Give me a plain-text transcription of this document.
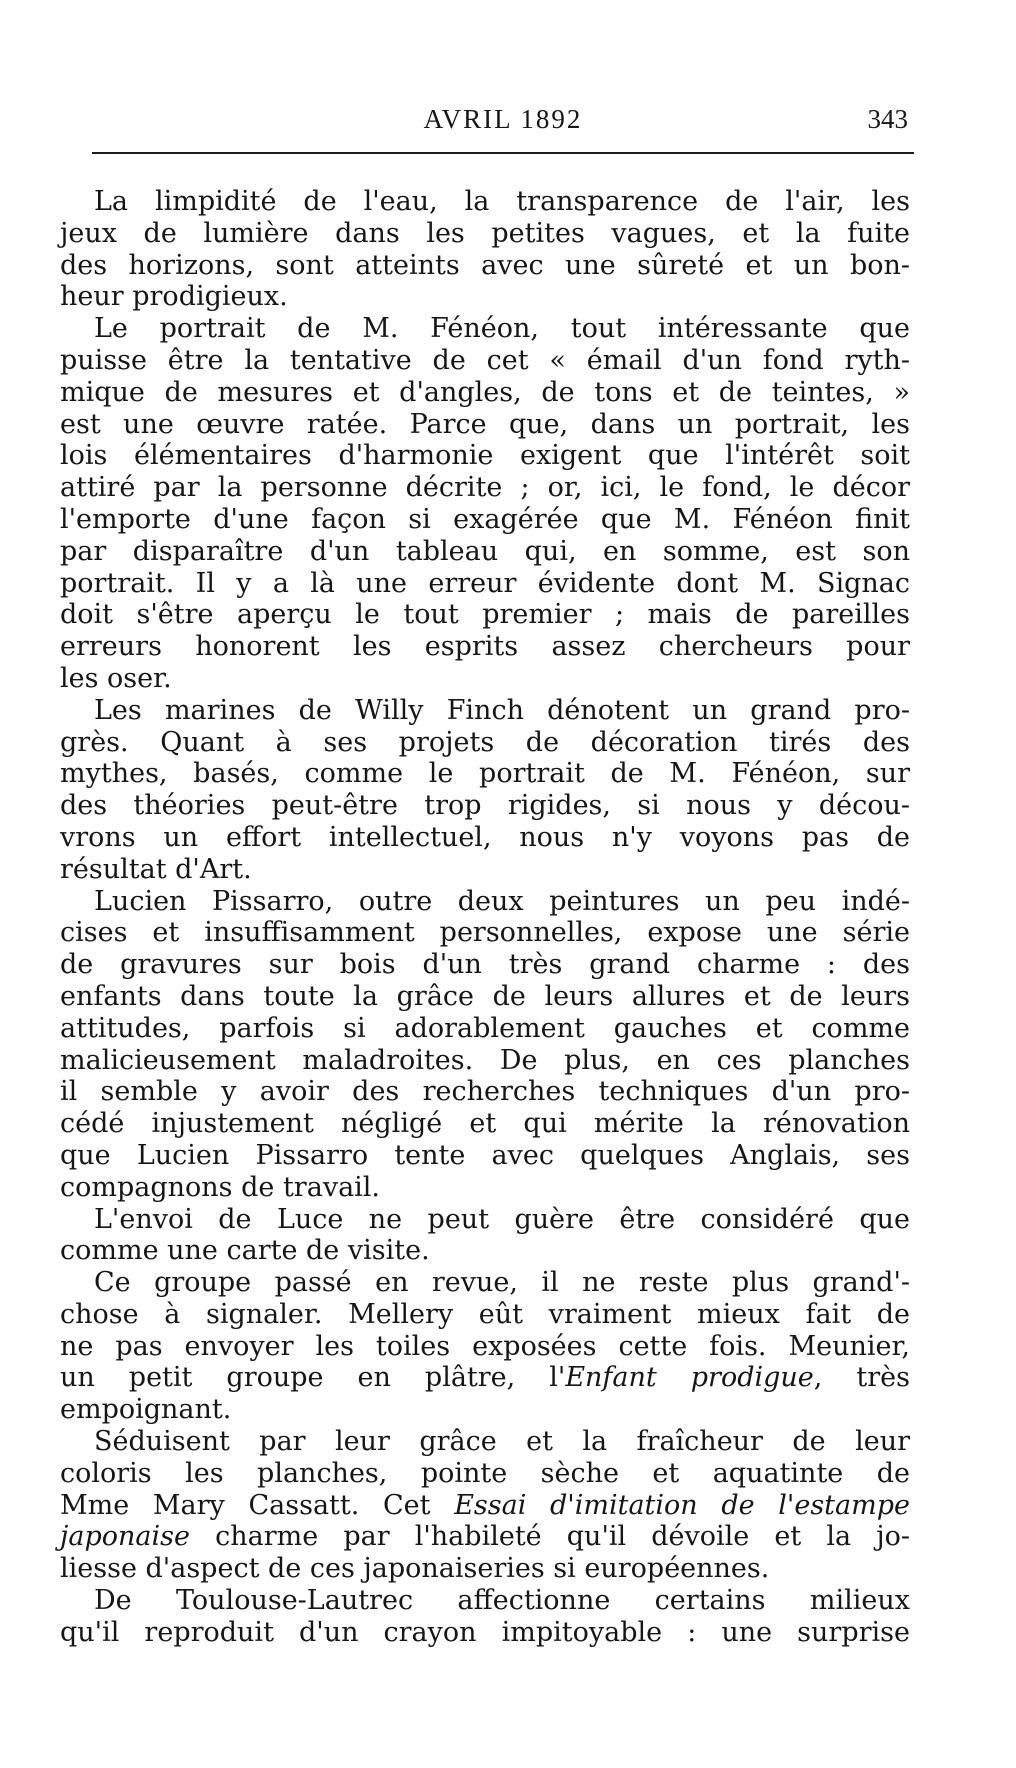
AVRIL 1892	343
La limpidité de l'eau, la transparence de l'air, les
jeux de lumière dans les petites vagues, et la fuite
des horizons, sont atteints avec une sûreté et un bon-
heur prodigieux.
Le portrait de M. Fénéon, tout intéressante que
puisse être la tentative de cet « émail d'un fond ryth-
mique de mesures et d'angles, de tons et de teintes, »
est une œuvre ratée. Parce que, dans un portrait, les
lois élémentaires d'harmonie exigent que l'intérêt soit
attiré par la personne décrite ; or, ici, le fond, le décor
l'emporte d'une façon si exagérée que M. Fénéon finit
par disparaître d'un tableau qui, en somme, est son
portrait. Il y a là une erreur évidente dont M. Signac
doit s'être aperçu le tout premier ; mais de pareilles
erreurs honorent les esprits assez chercheurs pour
les oser.
Les marines de Willy Finch dénotent un grand pro-
grès. Quant à ses projets de décoration tirés des
mythes, basés, comme le portrait de M. Fénéon, sur
des théories peut-être trop rigides, si nous y décou-
vrons un effort intellectuel, nous n'y voyons pas de
résultat d'Art.
Lucien Pissarro, outre deux peintures un peu indé-
cises et insuffisamment personnelles, expose une série
de gravures sur bois d'un très grand charme : des
enfants dans toute la grâce de leurs allures et de leurs
attitudes, parfois si adorablement gauches et comme
malicieusement maladroites. De plus, en ces planches
il semble y avoir des recherches techniques d'un pro-
cédé injustement négligé et qui mérite la rénovation
que Lucien Pissarro tente avec quelques Anglais, ses
compagnons de travail.
L'envoi de Luce ne peut guère être considéré que
comme une carte de visite.
Ce groupe passé en revue, il ne reste plus grand'-
chose à signaler. Mellery eût vraiment mieux fait de
ne pas envoyer les toiles exposées cette fois. Meunier,
un petit groupe en plâtre, l'Enfant prodigue, très
empoignant.
Séduisent par leur grâce et la fraîcheur de leur
coloris les planches, pointe sèche et aquatinte de
Mme Mary Cassatt. Cet Essai d'imitation de l'estampe
japonaise charme par l'habileté qu'il dévoile et la jo-
liesse d'aspect de ces japonaiseries si européennes.
De Toulouse-Lautrec affectionne certains milieux
qu'il reproduit d'un crayon impitoyable : une surprise
